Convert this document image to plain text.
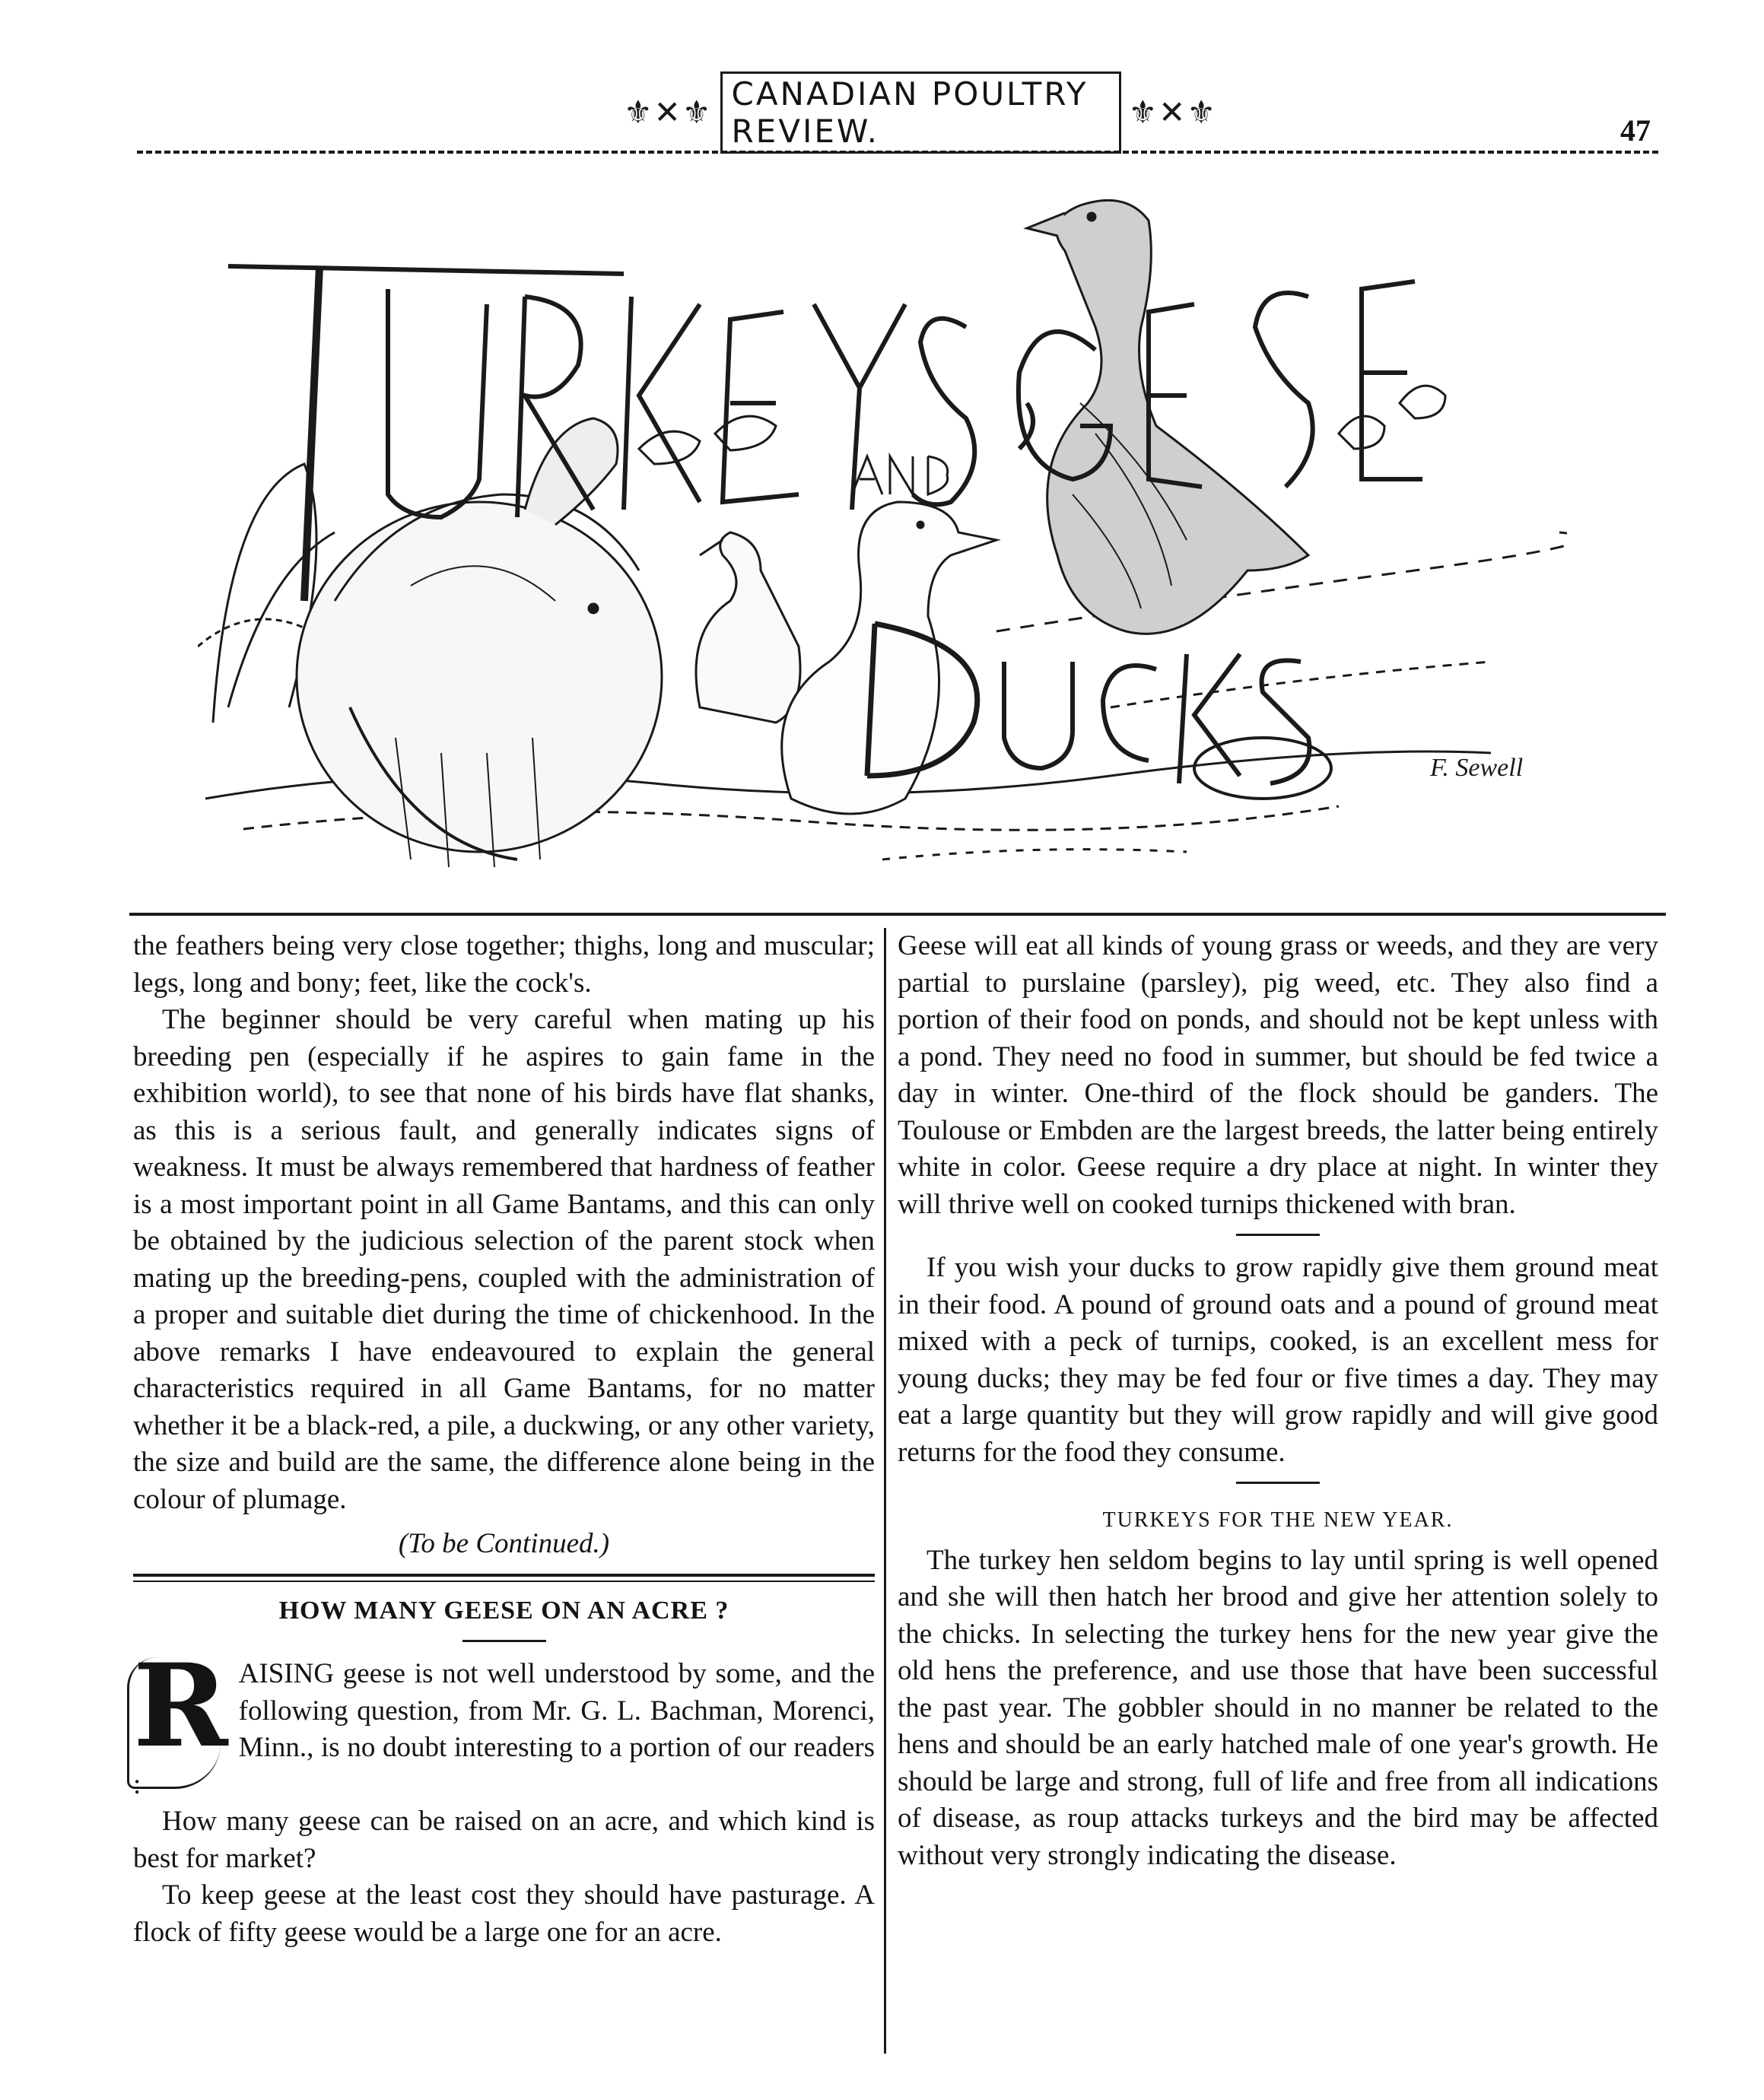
⚜✕⚜
CANADIAN POULTRY REVIEW.	⚜✕⚜	47
F. Sewell

the feathers being very close together; thighs, long and muscular; legs, long and bony; feet, like the cock's.

The beginner should be very careful when mating up his breeding pen (especially if he aspires to gain fame in the exhibition world), to see that none of his birds have flat shanks, as this is a serious fault, and generally indicates signs of weakness. It must be always remembered that hardness of feather is a most important point in all Game Bantams, and this can only be obtained by the judicious selection of the parent stock when mating up the breeding-pens, coupled with the administration of a proper and suitable diet during the time of chickenhood. In the above remarks I have endeavoured to explain the general characteristics required in all Game Bantams, for no matter whether it be a black-red, a pile, a duckwing, or any other variety, the size and build are the same, the difference alone being in the colour of plumage.

(To be Continued.)

HOW MANY GEESE ON AN ACRE ?

RAISING geese is not well understood by some, and the following question, from Mr. G. L. Bachman, Morenci, Minn., is no doubt interesting to a portion of our readers :

How many geese can be raised on an acre, and which kind is best for market?

To keep geese at the least cost they should have pasturage. A flock of fifty geese would be a large one for an acre.

Geese will eat all kinds of young grass or weeds, and they are very partial to purslaine (parsley), pig weed, etc. They also find a portion of their food on ponds, and should not be kept unless with a pond. They need no food in summer, but should be fed twice a day in winter. One-third of the flock should be ganders. The Toulouse or Embden are the largest breeds, the latter being entirely white in color. Geese require a dry place at night. In winter they will thrive well on cooked turnips thickened with bran.

If you wish your ducks to grow rapidly give them ground meat in their food. A pound of ground oats and a pound of ground meat mixed with a peck of turnips, cooked, is an excellent mess for young ducks; they may be fed four or five times a day. They may eat a large quantity but they will grow rapidly and will give good returns for the food they consume.

TURKEYS FOR THE NEW YEAR.

The turkey hen seldom begins to lay until spring is well opened and she will then hatch her brood and give her attention solely to the chicks. In selecting the turkey hens for the new year give the old hens the preference, and use those that have been successful the past year. The gobbler should in no manner be related to the hens and should be an early hatched male of one year's growth. He should be large and strong, full of life and free from all indications of disease, as roup attacks turkeys and the bird may be affected without very strongly indicating the disease.
